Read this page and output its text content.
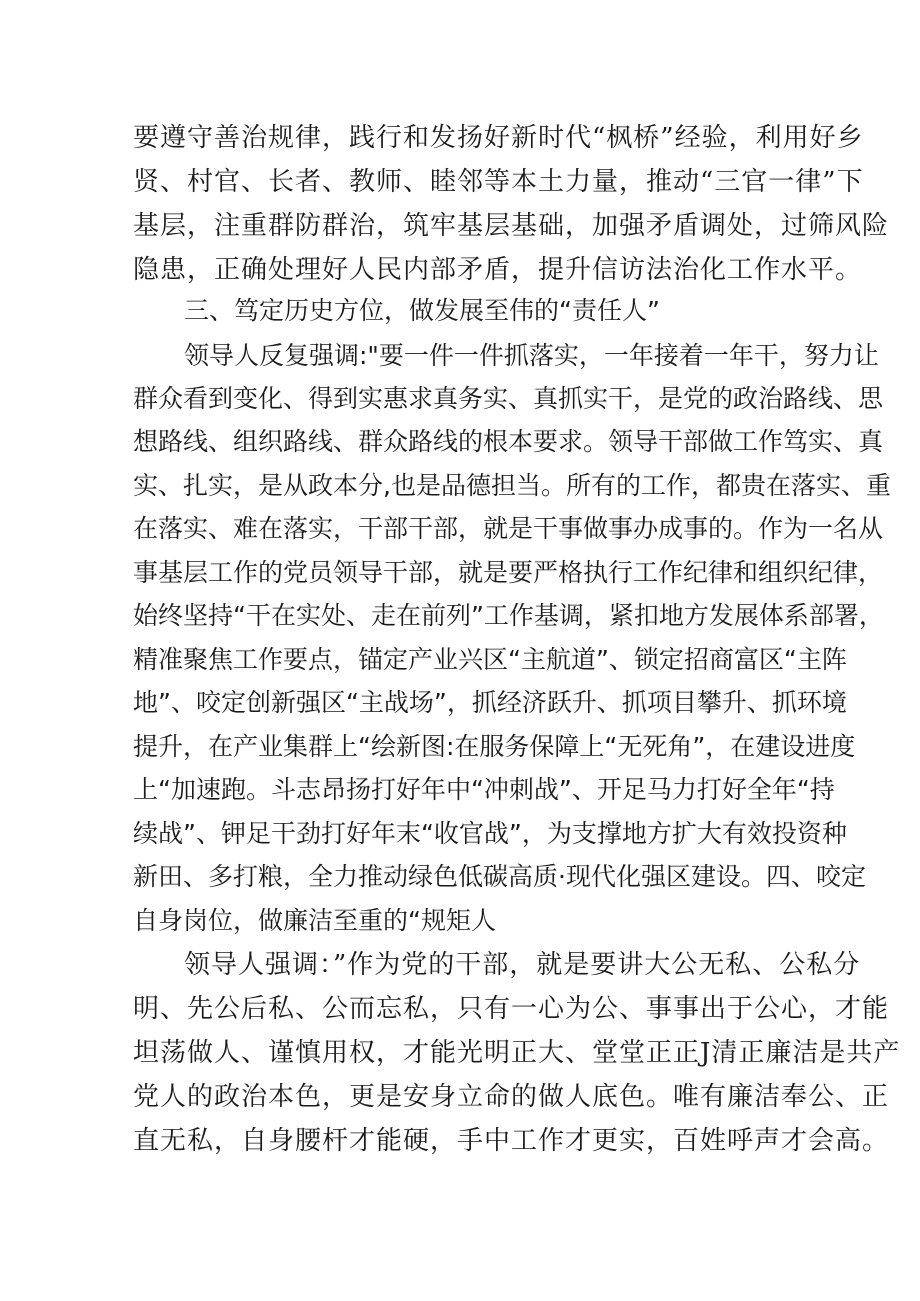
要遵守善治规律，践行和发扬好新时代“枫桥”经验，利用好乡

贤、村官、长者、教师、睦邻等本土力量，推动“三官一律”下

基层，注重群防群治，筑牢基层基础，加强矛盾调处，过筛风险

隐患，正确处理好人民内部矛盾，提升信访法治化工作水平。

三、笃定历史方位，做发展至伟的“责任人”

领导人反复强调:"要一件一件抓落实，一年接着一年干，努力让

群众看到变化、得到实惠求真务实、真抓实干，是党的政治路线、思

想路线、组织路线、群众路线的根本要求。领导干部做工作笃实、真

实、扎实，是从政本分,也是品德担当。所有的工作，都贵在落实、重

在落实、难在落实，干部干部，就是干事做事办成事的。作为一名从

事基层工作的党员领导干部，就是要严格执行工作纪律和组织纪律，

始终坚持“干在实处、走在前列”工作基调，紧扣地方发展体系部署，

精准聚焦工作要点，锚定产业兴区“主航道”、锁定招商富区“主阵

地”、咬定创新强区“主战场”，抓经济跃升、抓项目攀升、抓环境

提升，在产业集群上“绘新图:在服务保障上“无死角”，在建设进度

上“加速跑。斗志昂扬打好年中“冲刺战”、开足马力打好全年“持

续战”、钾足干劲打好年末“收官战”，为支撑地方扩大有效投资种

新田、多打粮，全力推动绿色低碳高质·现代化强区建设。四、咬定

自身岗位，做廉洁至重的“规矩人

领导人强调：”作为党的干部，就是要讲大公无私、公私分

明、先公后私、公而忘私，只有一心为公、事事出于公心，才能

坦荡做人、谨慎用权，才能光明正大、堂堂正正J清正廉洁是共产

党人的政治本色，更是安身立命的做人底色。唯有廉洁奉公、正

直无私，自身腰杆才能硬，手中工作才更实，百姓呼声才会高。
